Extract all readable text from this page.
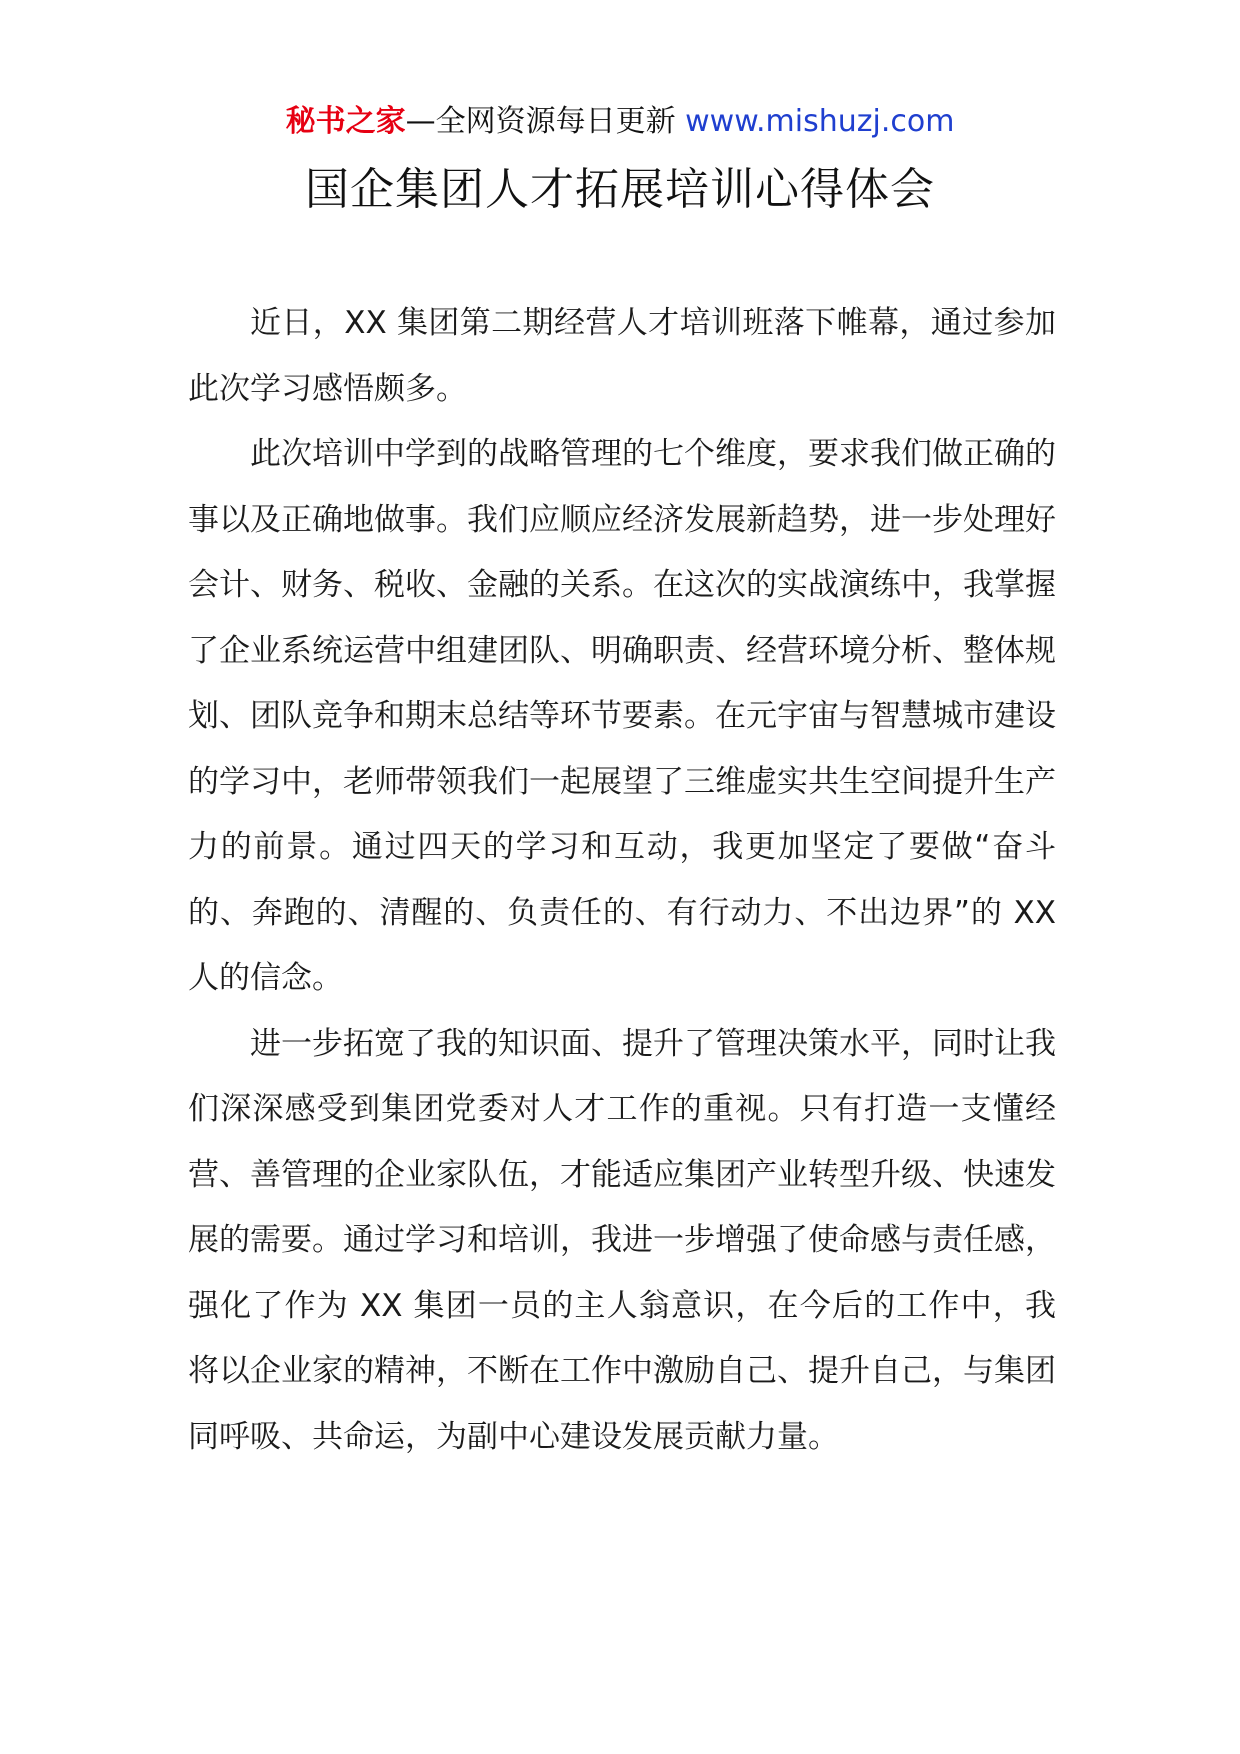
秘书之家—全网资源每日更新 www.mishuzj.com
国企集团人才拓展培训心得体会

近日，XX 集团第二期经营人才培训班落下帷幕，通过参加此次学习感悟颇多。

此次培训中学到的战略管理的七个维度，要求我们做正确的事以及正确地做事。我们应顺应经济发展新趋势，进一步处理好会计、财务、税收、金融的关系。在这次的实战演练中，我掌握了企业系统运营中组建团队、明确职责、经营环境分析、整体规划、团队竞争和期末总结等环节要素。在元宇宙与智慧城市建设的学习中，老师带领我们一起展望了三维虚实共生空间提升生产力的前景。通过四天的学习和互动，我更加坚定了要做“奋斗的、奔跑的、清醒的、负责任的、有行动力、不出边界”的 XX 人的信念。

进一步拓宽了我的知识面、提升了管理决策水平，同时让我们深深感受到集团党委对人才工作的重视。只有打造一支懂经营、善管理的企业家队伍，才能适应集团产业转型升级、快速发展的需要。通过学习和培训，我进一步增强了使命感与责任感，强化了作为 XX 集团一员的主人翁意识，在今后的工作中，我将以企业家的精神，不断在工作中激励自己、提升自己，与集团同呼吸、共命运，为副中心建设发展贡献力量。
